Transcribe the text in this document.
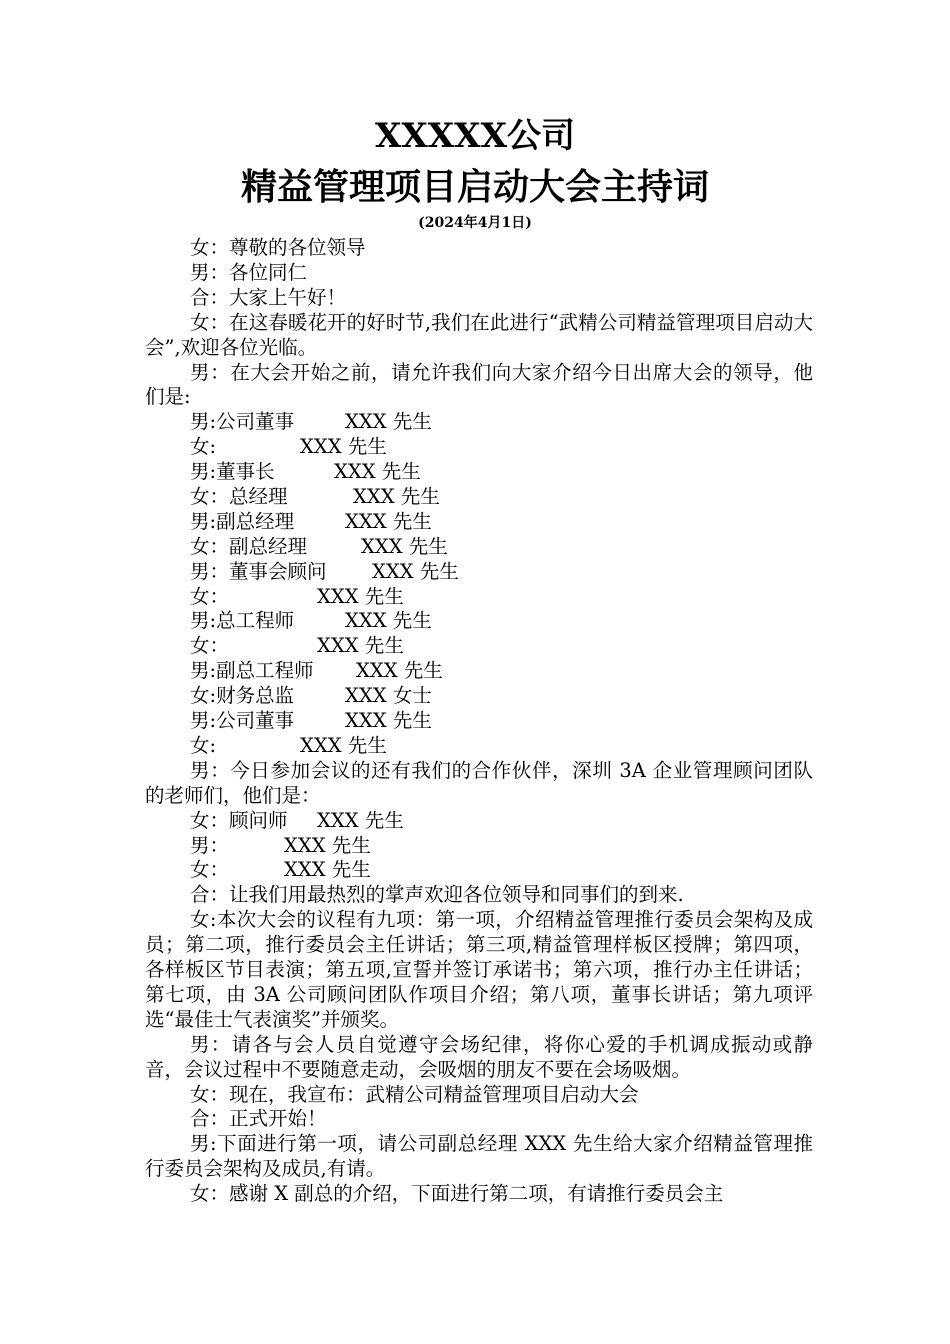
XXXXX公司
精益管理项目启动大会主持词
(2024年4月1日)

女：尊敬的各位领导

男：各位同仁

合：大家上午好！

女：在这春暖花开的好时节,我们在此进行“武精公司精益管理项目启动大会”,欢迎各位光临。

男：在大会开始之前，请允许我们向大家介绍今日出席大会的领导，他们是:

男:公司董事	XXX 先生
女:	XXX 先生
男:董事长	XXX 先生
女：总经理	XXX 先生
男:副总经理	XXX 先生
女：副总经理	XXX 先生
男：董事会顾问 XXX 先生
女：	XXX 先生
男:总工程师	XXX 先生
女：	XXX 先生
男:副总工程师 XXX 先生
女:财务总监	XXX 女士
男:公司董事	XXX 先生
女:	XXX 先生

男：今日参加会议的还有我们的合作伙伴，深圳 3A 企业管理顾问团队的老师们，他们是：

女：顾问师 XXX 先生
男：	XXX 先生
女：	XXX 先生

合：让我们用最热烈的掌声欢迎各位领导和同事们的到来.

女:本次大会的议程有九项：第一项，介绍精益管理推行委员会架构及成员；第二项，推行委员会主任讲话；第三项,精益管理样板区授牌；第四项，各样板区节目表演；第五项,宣誓并签订承诺书；第六项，推行办主任讲话；第七项，由 3A 公司顾问团队作项目介绍；第八项，董事长讲话；第九项评选“最佳士气表演奖”并颁奖。

男：请各与会人员自觉遵守会场纪律，将你心爱的手机调成振动或静音，会议过程中不要随意走动，会吸烟的朋友不要在会场吸烟。

女：现在，我宣布：武精公司精益管理项目启动大会

合：正式开始！

男:下面进行第一项，请公司副总经理 XXX 先生给大家介绍精益管理推行委员会架构及成员,有请。

女：感谢 X 副总的介绍，下面进行第二项，有请推行委员会主
